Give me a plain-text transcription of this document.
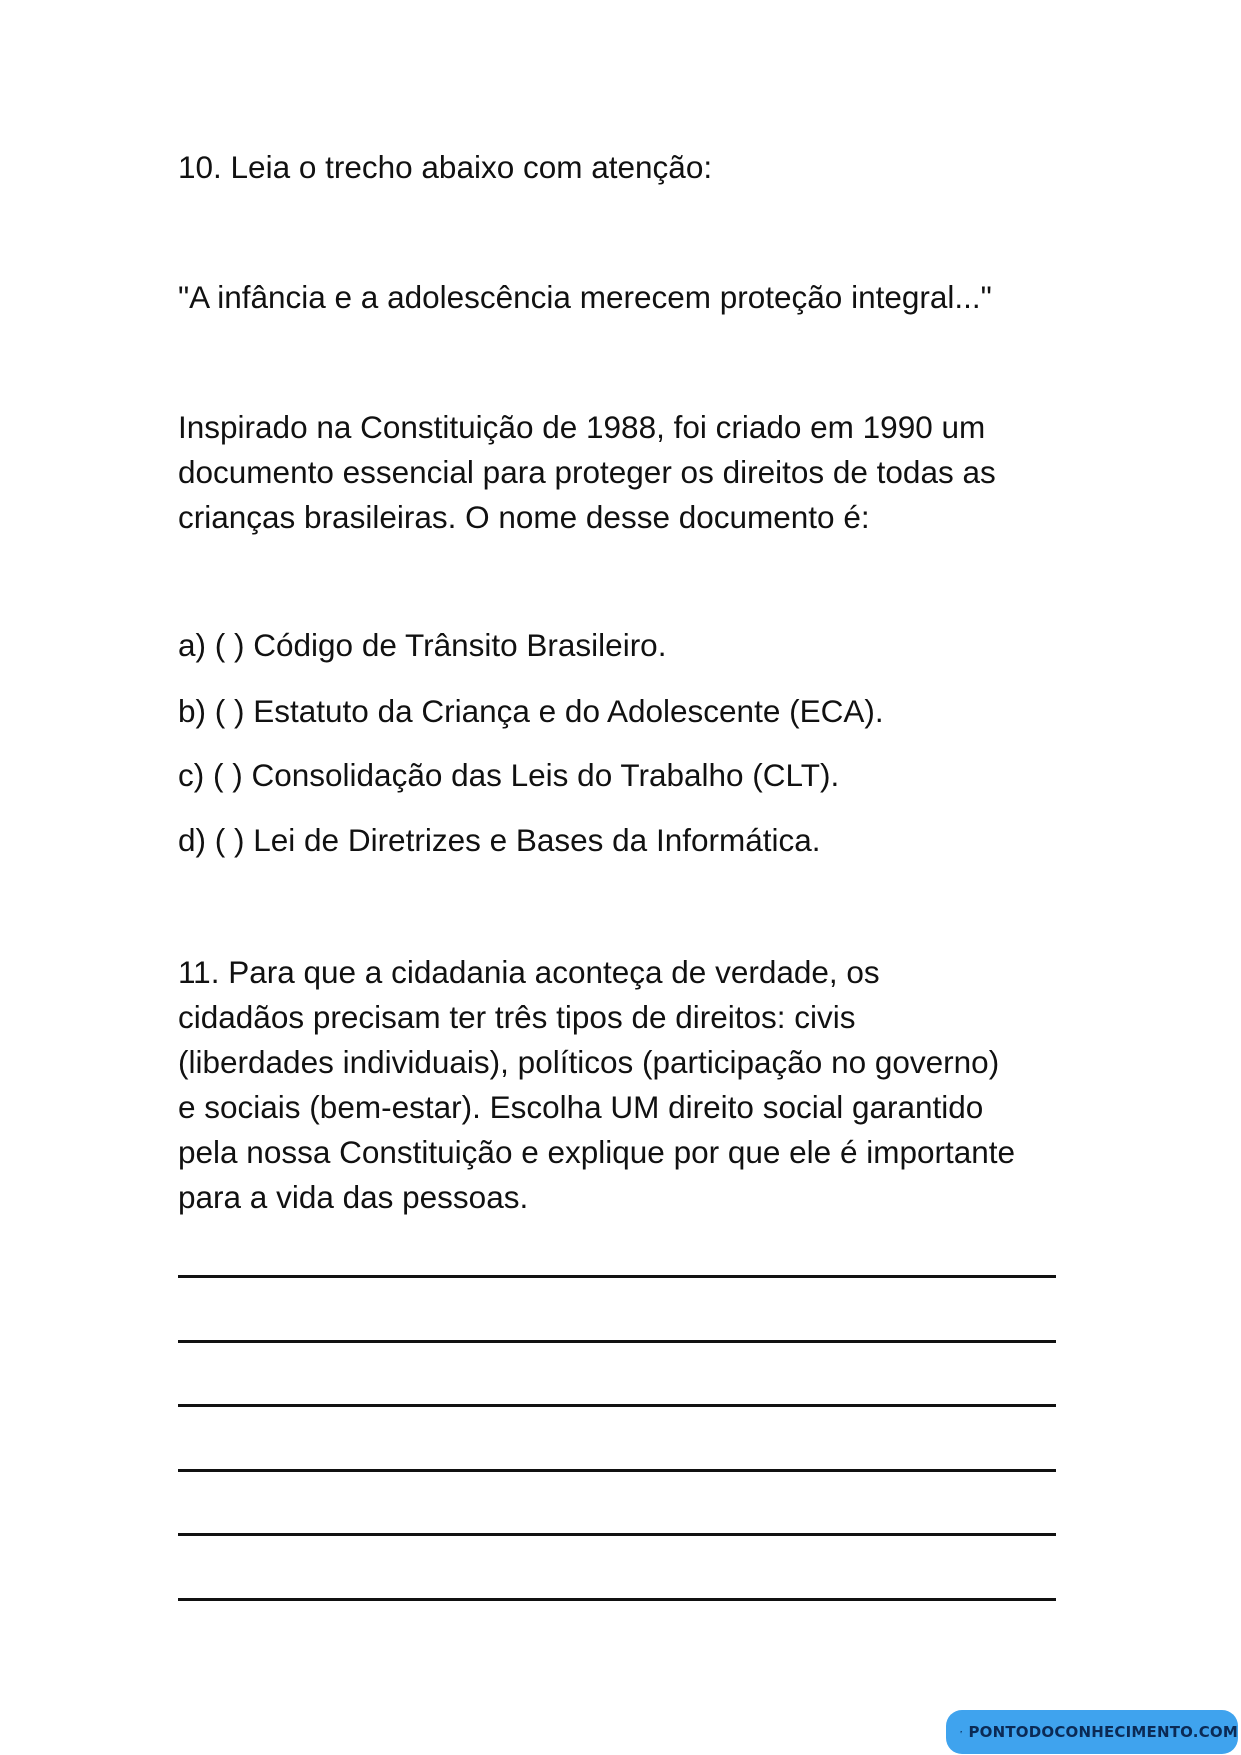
10. Leia o trecho abaixo com atenção:
"A infância e a adolescência merecem proteção integral..."
Inspirado na Constituição de 1988, foi criado em 1990 um
documento essencial para proteger os direitos de todas as
crianças brasileiras. O nome desse documento é:
a) ( ) Código de Trânsito Brasileiro.
b) ( ) Estatuto da Criança e do Adolescente (ECA).
c) ( ) Consolidação das Leis do Trabalho (CLT).
d) ( ) Lei de Diretrizes e Bases da Informática.
11. Para que a cidadania aconteça de verdade, os
cidadãos precisam ter três tipos de direitos: civis
(liberdades individuais), políticos (participação no governo)
e sociais (bem-estar). Escolha UM direito social garantido
pela nossa Constituição e explique por que ele é importante
para a vida das pessoas.
PONTODOCONHECIMENTO.COM
